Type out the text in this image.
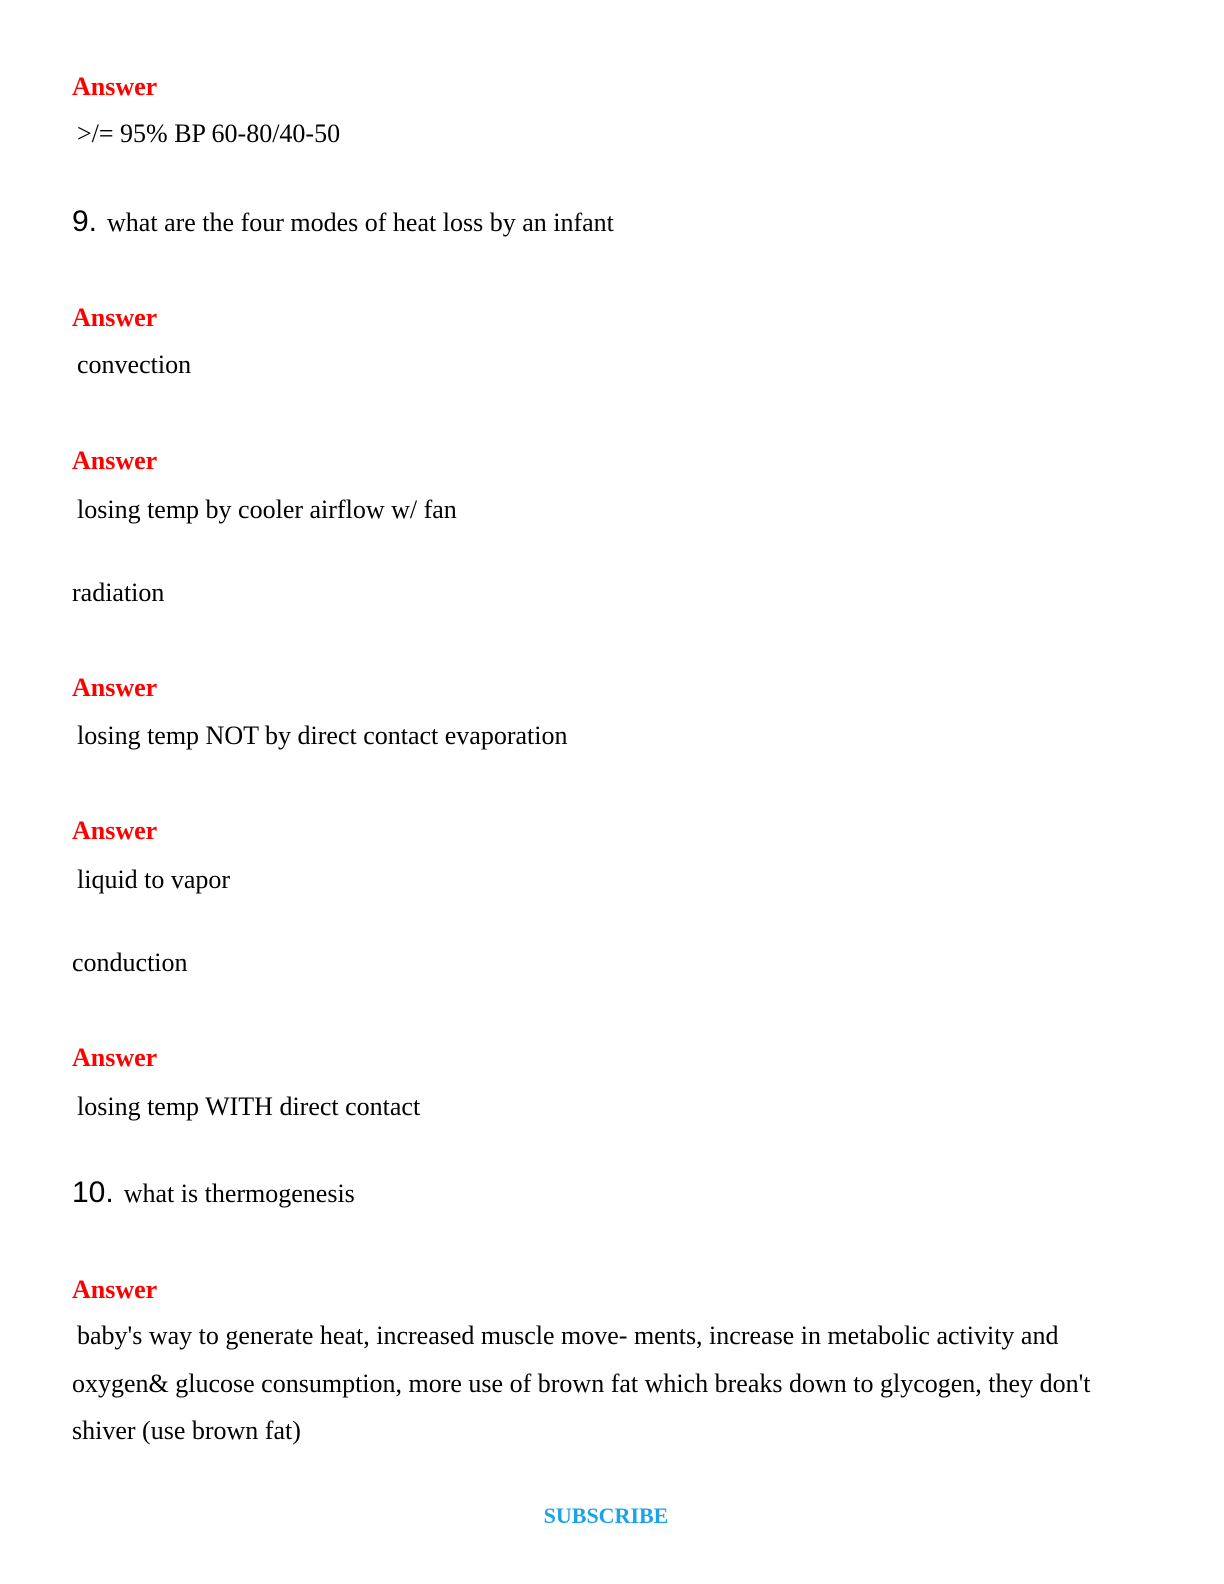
Answer
>/= 95% BP 60-80/40-50
9. what are the four modes of heat loss by an infant
Answer
convection
Answer
losing temp by cooler airflow w/ fan
radiation
Answer
losing temp NOT by direct contact evaporation
Answer
liquid to vapor
conduction
Answer
losing temp WITH direct contact
10. what is thermogenesis
Answer
baby's way to generate heat, increased muscle move- ments, increase in metabolic activity and oxygen& glucose consumption, more use of brown fat which breaks down to glycogen, they don't shiver (use brown fat)
SUBSCRIBE
